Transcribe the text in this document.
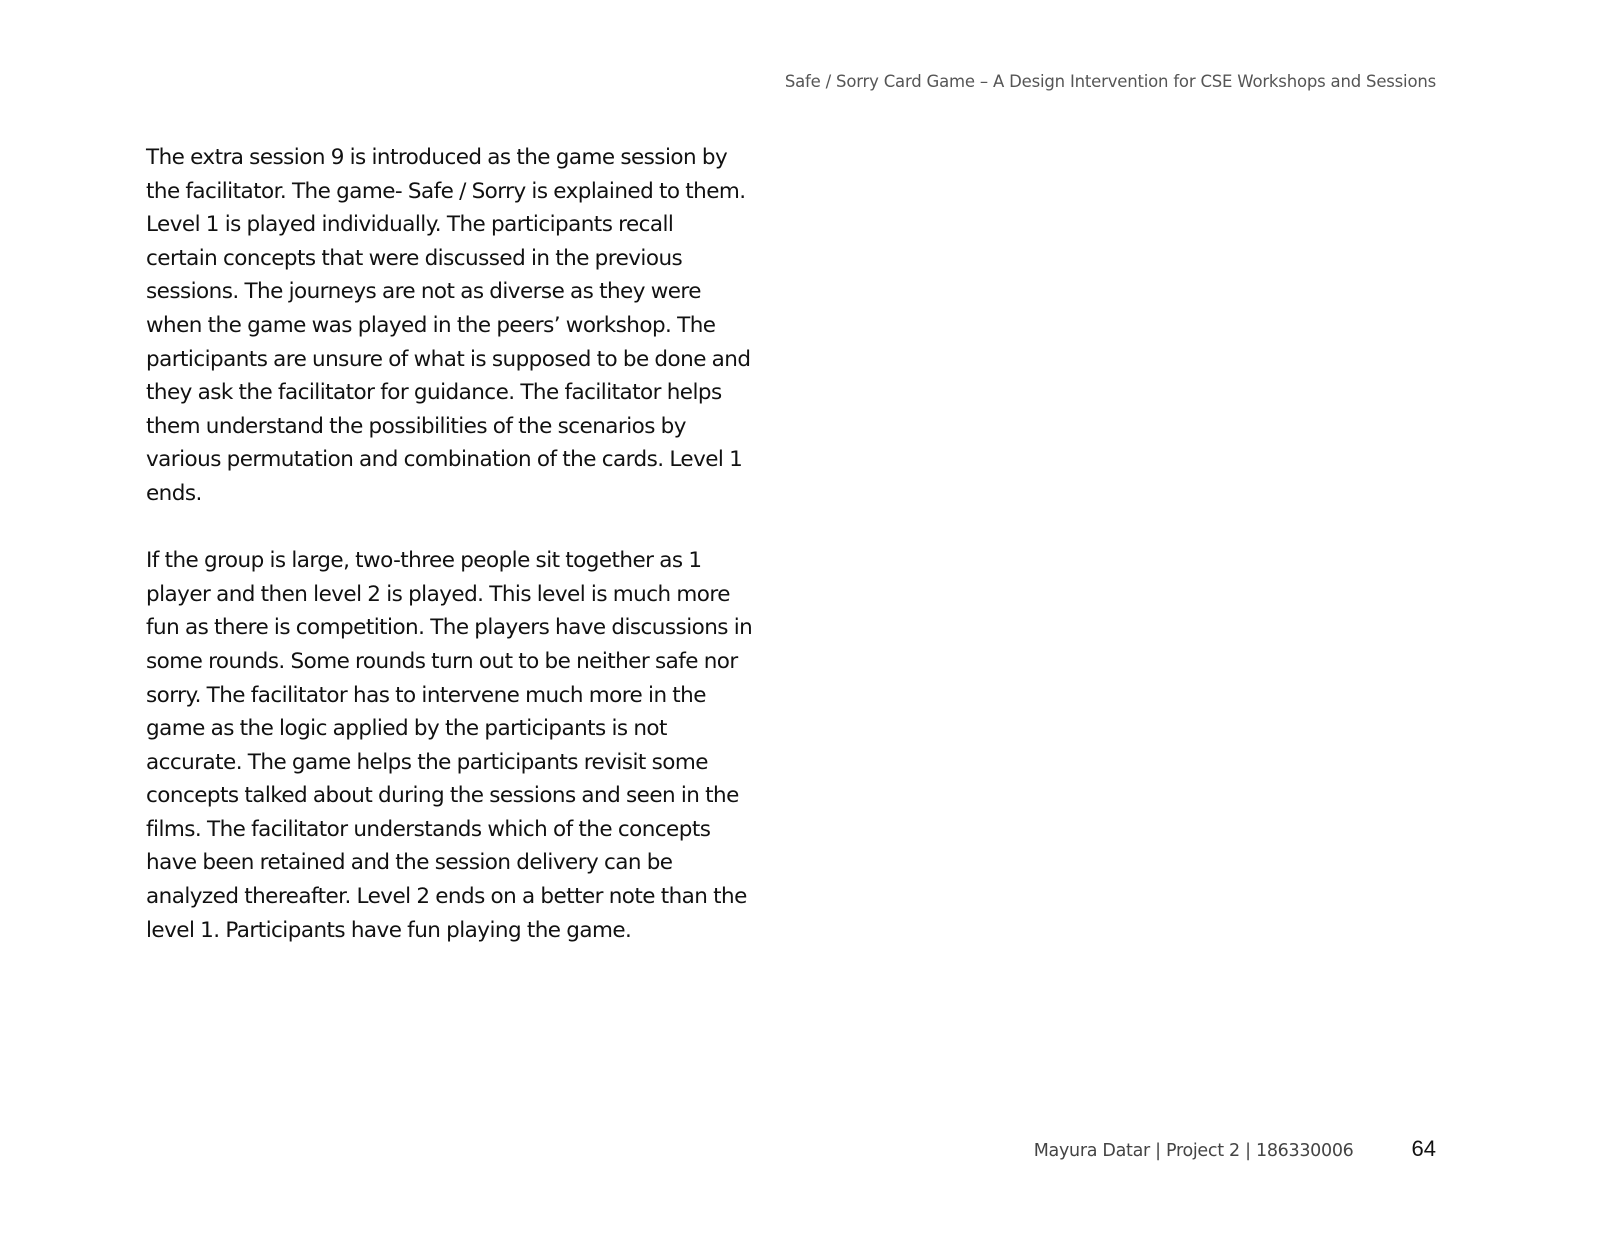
Safe / Sorry Card Game – A Design Intervention for CSE Workshops and Sessions

The extra session 9 is introduced as the game session by
the facilitator. The game- Safe / Sorry is explained to them.
Level 1 is played individually. The participants recall
certain concepts that were discussed in the previous
sessions. The journeys are not as diverse as they were
when the game was played in the peers’ workshop. The
participants are unsure of what is supposed to be done and
they ask the facilitator for guidance. The facilitator helps
them understand the possibilities of the scenarios by
various permutation and combination of the cards. Level 1
ends.

If the group is large, two-three people sit together as 1
player and then level 2 is played. This level is much more
fun as there is competition. The players have discussions in
some rounds. Some rounds turn out to be neither safe nor
sorry. The facilitator has to intervene much more in the
game as the logic applied by the participants is not
accurate. The game helps the participants revisit some
concepts talked about during the sessions and seen in the
films. The facilitator understands which of the concepts
have been retained and the session delivery can be
analyzed thereafter. Level 2 ends on a better note than the
level 1. Participants have fun playing the game.

Mayura Datar | Project 2 | 186330006	64
